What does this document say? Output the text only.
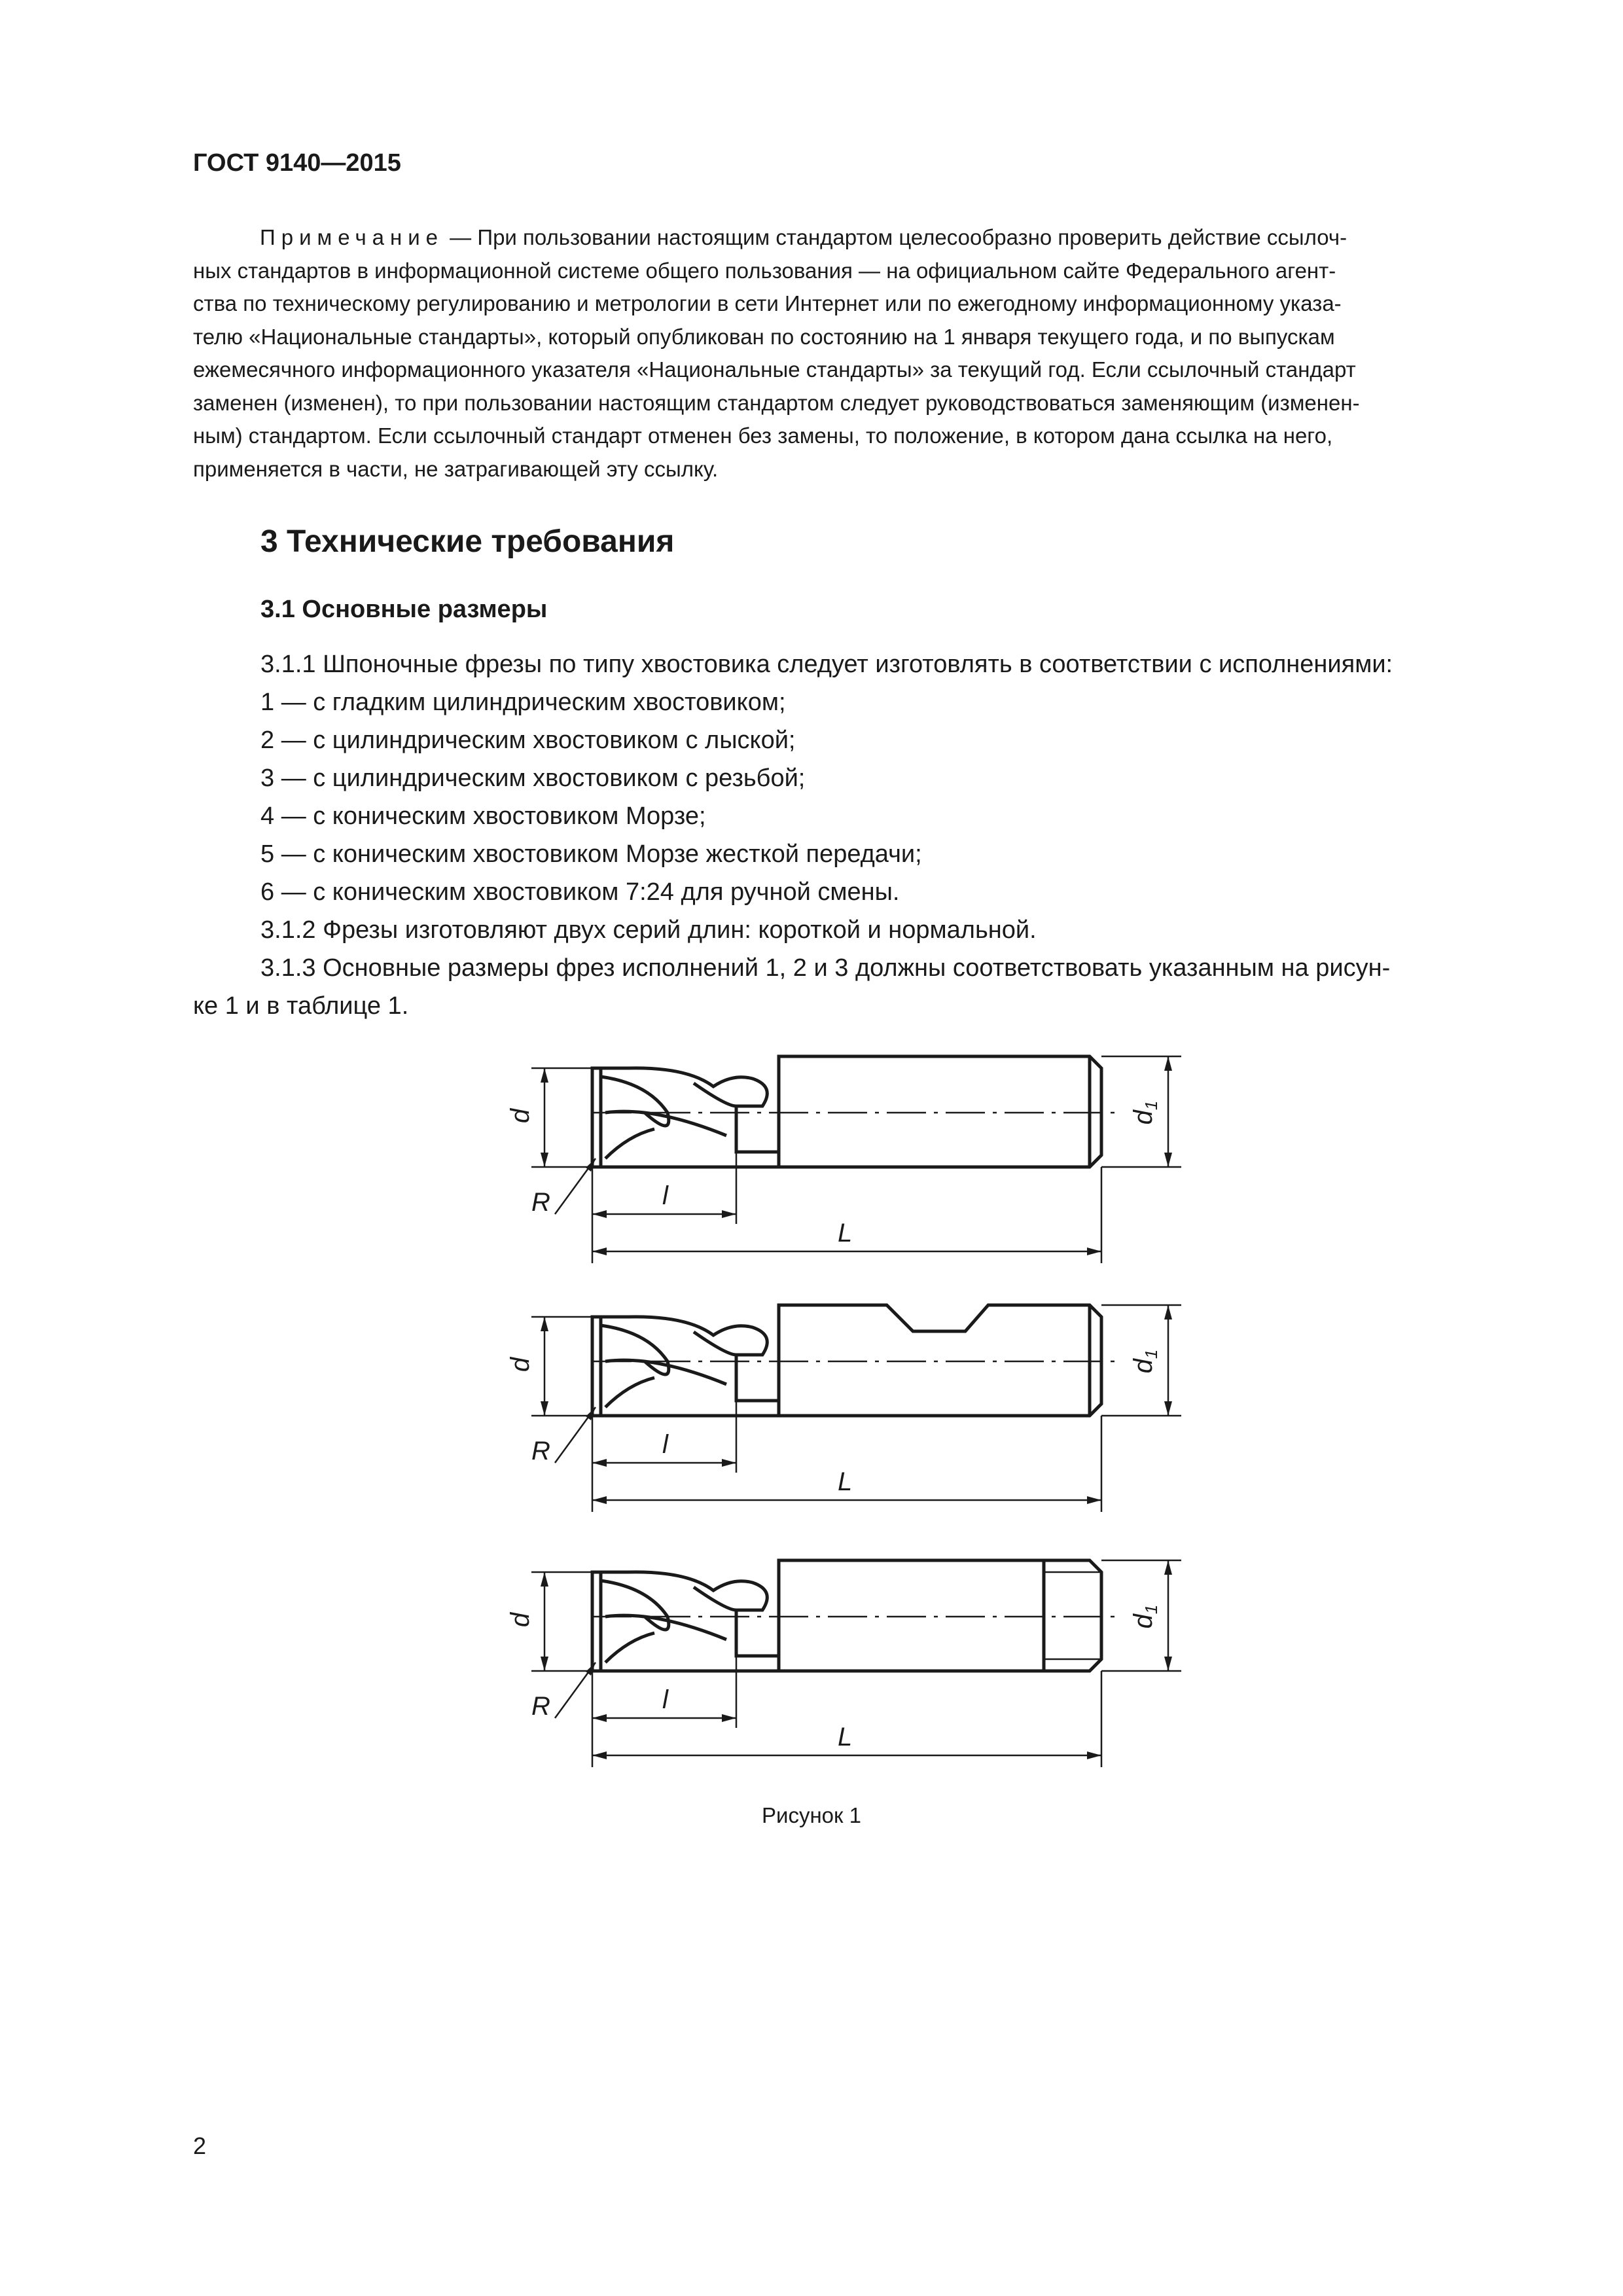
ГОСТ 9140—2015
Примечание — При пользовании настоящим стандартом целесообразно проверить действие ссылоч-
ных стандартов в информационной системе общего пользования — на официальном сайте Федерального агент-
ства по техническому регулированию и метрологии в сети Интернет или по ежегодному информационному указа-
телю «Национальные стандарты», который опубликован по состоянию на 1 января текущего года, и по выпускам
ежемесячного информационного указателя «Национальные стандарты» за текущий год. Если ссылочный стандарт
заменен (изменен), то при пользовании настоящим стандартом следует руководствоваться заменяющим (изменен-
ным) стандартом. Если ссылочный стандарт отменен без замены, то положение, в котором дана ссылка на него,
применяется в части, не затрагивающей эту ссылку.
3 Технические требования
3.1 Основные размеры
3.1.1 Шпоночные фрезы по типу хвостовика следует изготовлять в соответствии с исполнениями:
1 — с гладким цилиндрическим хвостовиком;
2 — с цилиндрическим хвостовиком с лыской;
3 — с цилиндрическим хвостовиком с резьбой;
4 — с коническим хвостовиком Морзе;
5 — с коническим хвостовиком Морзе жесткой передачи;
6 — с коническим хвостовиком 7:24 для ручной смены.
3.1.2 Фрезы изготовляют двух серий длин: короткой и нормальной.
3.1.3 Основные размеры фрез исполнений 1, 2 и 3 должны соответствовать указанным на рисун-
ке 1 и в таблице 1.
d	$d_1$
R	l
L
d	$d_1$
R	l
L
d	$d_1$
R	l
L
Рисунок 1
2
